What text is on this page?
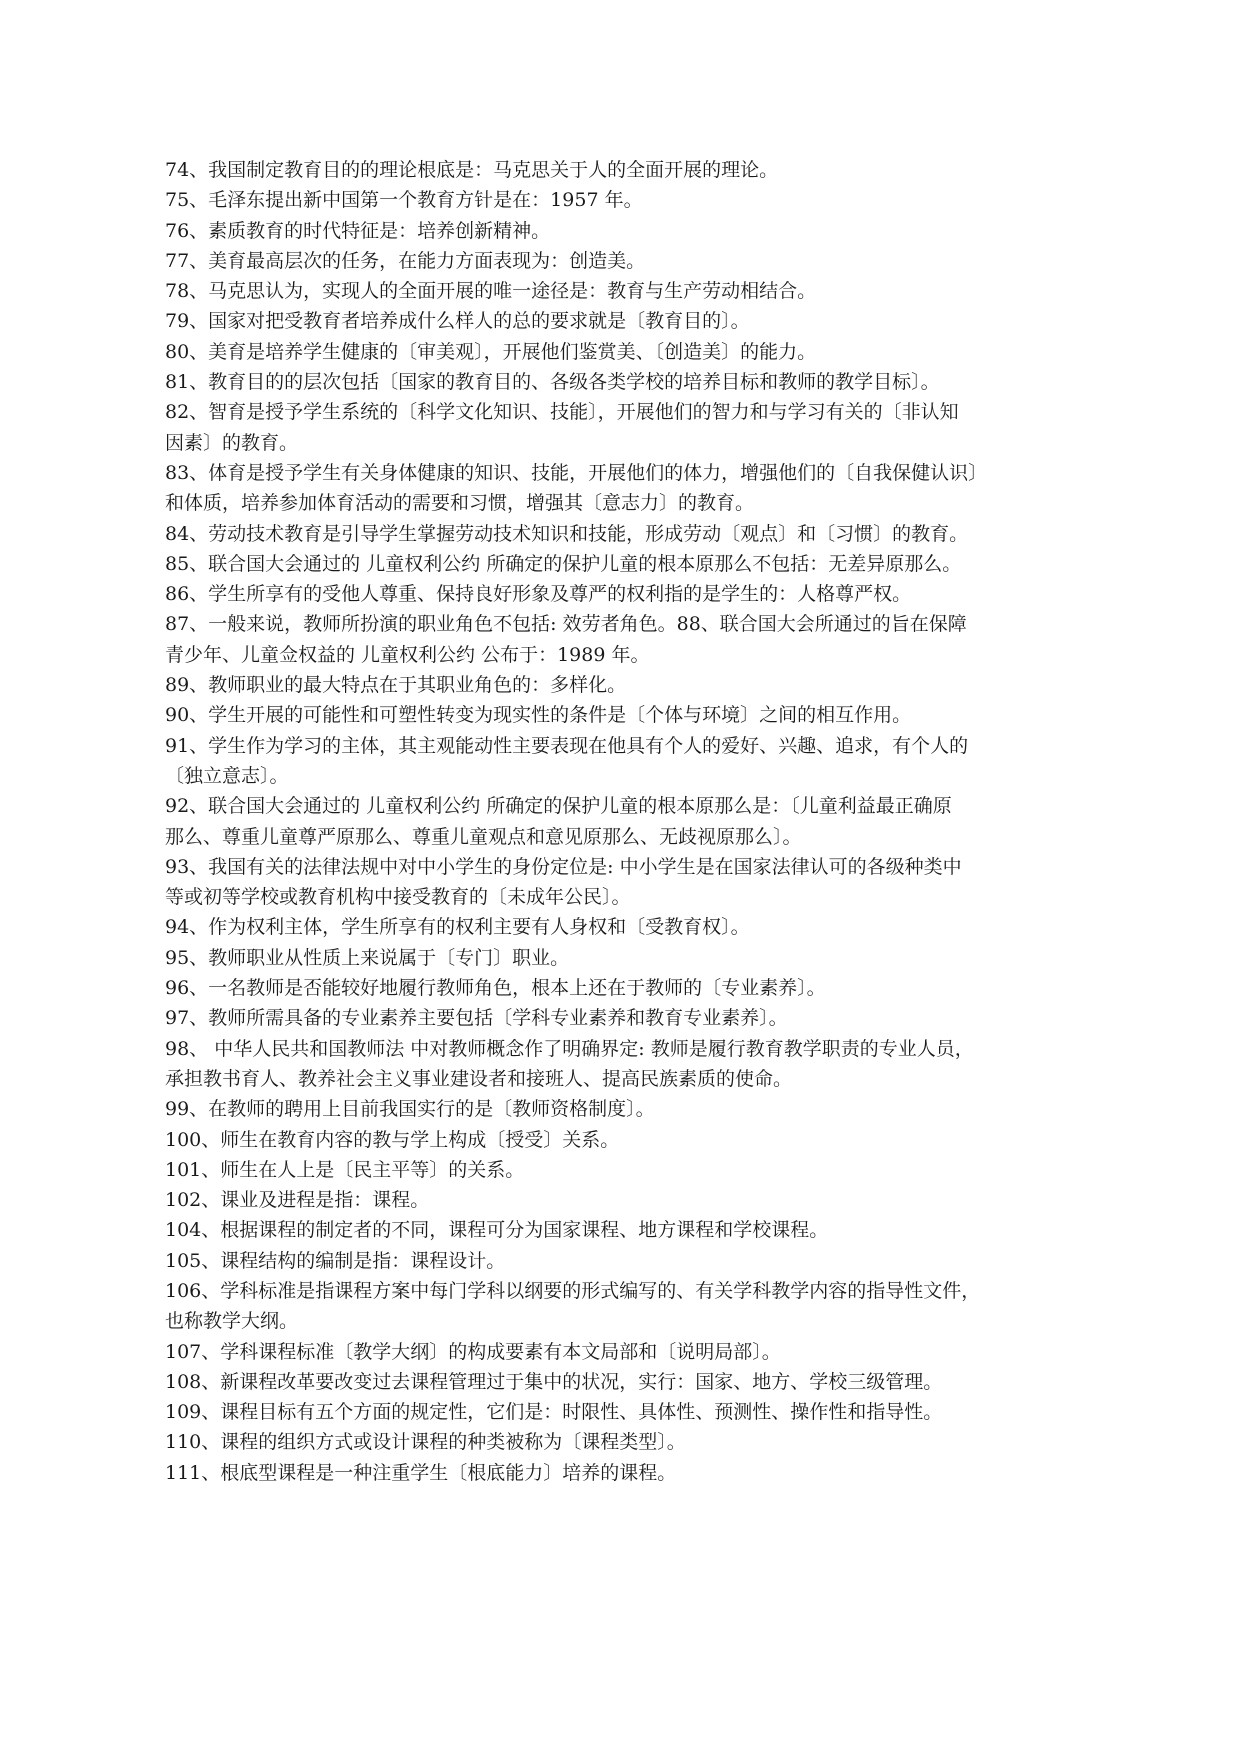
74、我国制定教育目的的理论根底是：马克思关于人的全面开展的理论。
75、毛泽东提出新中国第一个教育方针是在：1957 年。
76、素质教育的时代特征是：培养创新精神。
77、美育最高层次的任务，在能力方面表现为：创造美。
78、马克思认为，实现人的全面开展的唯一途径是：教育与生产劳动相结合。
79、国家对把受教育者培养成什么样人的总的要求就是〔教育目的〕。
80、美育是培养学生健康的〔审美观〕，开展他们鉴赏美、〔创造美〕的能力。
81、教育目的的层次包括〔国家的教育目的、各级各类学校的培养目标和教师的教学目标〕。
82、智育是授予学生系统的〔科学文化知识、技能〕，开展他们的智力和与学习有关的〔非认知
因素〕的教育。
83、体育是授予学生有关身体健康的知识、技能，开展他们的体力，增强他们的〔自我保健认识〕
和体质，培养参加体育活动的需要和习惯，增强其〔意志力〕的教育。
84、劳动技术教育是引导学生掌握劳动技术知识和技能，形成劳动〔观点〕和〔习惯〕的教育。
85、联合国大会通过的 儿童权利公约 所确定的保护儿童的根本原那么不包括：无差异原那么。
86、学生所享有的受他人尊重、保持良好形象及尊严的权利指的是学生的：人格尊严权。
87、一般来说，教师所扮演的职业角色不包括: 效劳者角色。88、联合国大会所通过的旨在保障
青少年、儿童佥权益的 儿童权利公约 公布于：1989 年。
89、教师职业的最大特点在于其职业角色的：多样化。
90、学生开展的可能性和可塑性转变为现实性的条件是〔个体与环境〕之间的相互作用。
91、学生作为学习的主体，其主观能动性主要表现在他具有个人的爱好、兴趣、追求，有个人的
〔独立意志〕。
92、联合国大会通过的 儿童权利公约 所确定的保护儿童的根本原那么是：〔儿童利益最正确原
那么、尊重儿童尊严原那么、尊重儿童观点和意见原那么、无歧视原那么〕。
93、我国有关的法律法规中对中小学生的身份定位是: 中小学生是在国家法律认可的各级种类中
等或初等学校或教育机构中接受教育的〔未成年公民〕。
94、作为权利主体，学生所享有的权利主要有人身权和〔受教育权〕。
95、教师职业从性质上来说属于〔专门〕职业。
96、一名教师是否能较好地履行教师角色，根本上还在于教师的〔专业素养〕。
97、教师所需具备的专业素养主要包括〔学科专业素养和教育专业素养〕。
98、 中华人民共和国教师法 中对教师概念作了明确界定: 教师是履行教育教学职责的专业人员，
承担教书育人、教养社会主义事业建设者和接班人、提高民族素质的使命。
99、在教师的聘用上目前我国实行的是〔教师资格制度〕。
100、师生在教育内容的教与学上构成〔授受〕关系。
101、师生在人上是〔民主平等〕的关系。
102、课业及进程是指：课程。
104、根据课程的制定者的不同，课程可分为国家课程、地方课程和学校课程。
105、课程结构的编制是指：课程设计。
106、学科标准是指课程方案中每门学科以纲要的形式编写的、有关学科教学内容的指导性文件，
也称教学大纲。
107、学科课程标准〔教学大纲〕的构成要素有本文局部和〔说明局部〕。
108、新课程改革要改变过去课程管理过于集中的状况，实行：国家、地方、学校三级管理。
109、课程目标有五个方面的规定性，它们是：时限性、具体性、预测性、操作性和指导性。
110、课程的组织方式或设计课程的种类被称为〔课程类型〕。
111、根底型课程是一种注重学生〔根底能力〕培养的课程。
